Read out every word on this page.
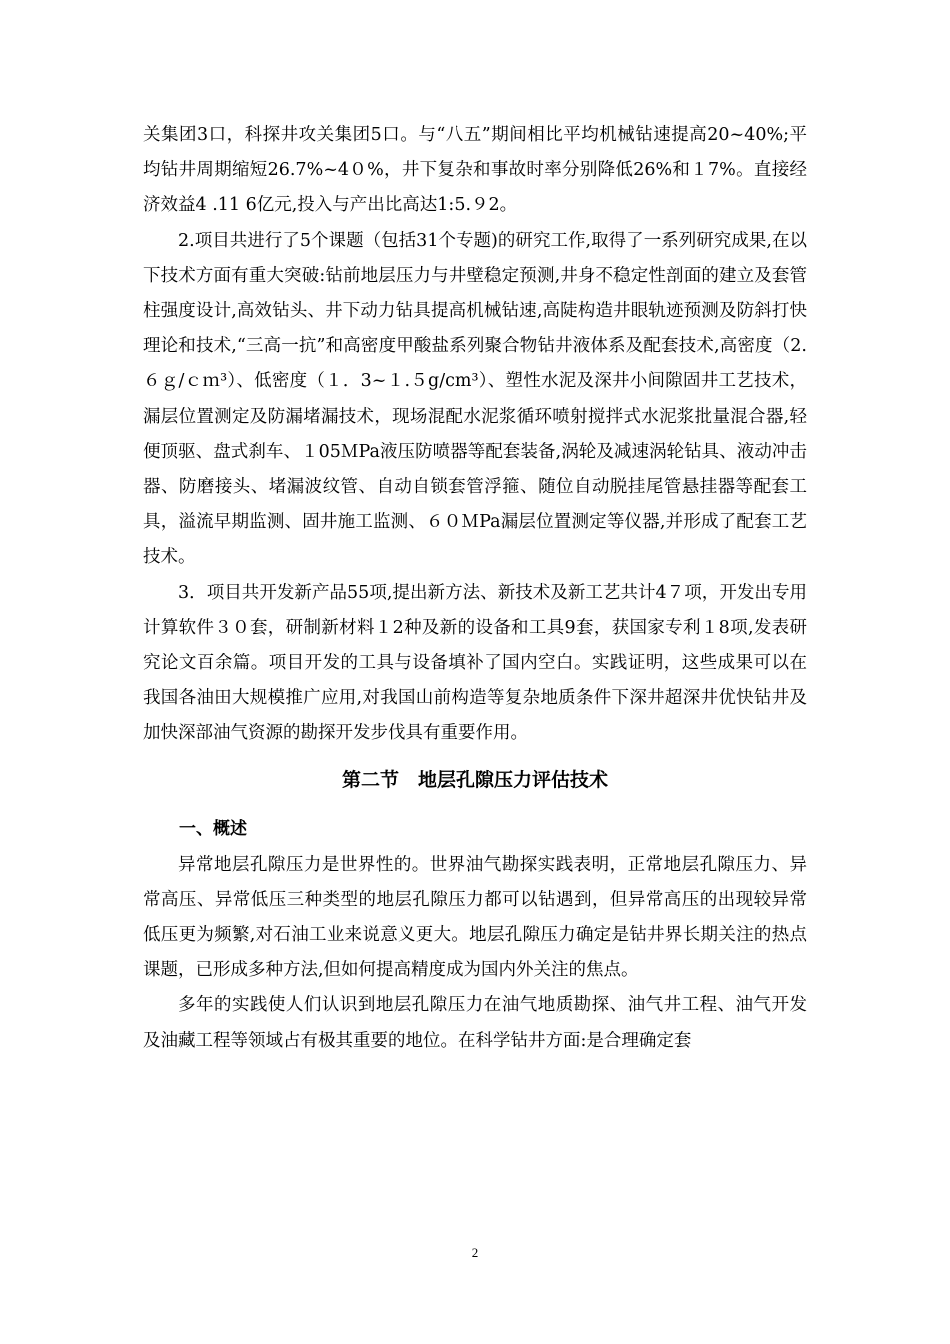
关集团3口，科探井攻关集团5口。与“八五”期间相比平均机械钻速提高20~40%;平均钻井周期缩短26.7%~4０%，井下复杂和事故时率分别降低26%和１7%。直接经济效益4 .11 6亿元,投入与产出比高达1:5.９2。

2.项目共进行了5个课题（包括31个专题)的研究工作,取得了一系列研究成果,在以下技术方面有重大突破:钻前地层压力与井壁稳定预测,井身不稳定性剖面的建立及套管柱强度设计,高效钻头、井下动力钻具提高机械钻速,高陡构造井眼轨迹预测及防斜打快理论和技术,“三高一抗”和高密度甲酸盐系列聚合物钻井液体系及配套技术,高密度（2.６ｇ/ｃｍ³）、低密度（１．3~１.５g/cm³）、塑性水泥及深井小间隙固井工艺技术，漏层位置测定及防漏堵漏技术，现场混配水泥浆循环喷射搅拌式水泥浆批量混合器,轻便顶驱、盘式刹车、１05ＭPa液压防喷器等配套装备,涡轮及减速涡轮钻具、液动冲击器、防磨接头、堵漏波纹管、自动自锁套管浮箍、随位自动脱挂尾管悬挂器等配套工具，溢流早期监测、固井施工监测、６０ＭPa漏层位置测定等仪器,并形成了配套工艺技术。

3．项目共开发新产品55项,提出新方法、新技术及新工艺共计4７项，开发出专用计算软件３０套，研制新材料１2种及新的设备和工具9套，获国家专利１8项,发表研究论文百余篇。项目开发的工具与设备填补了国内空白。实践证明，这些成果可以在我国各油田大规模推广应用,对我国山前构造等复杂地质条件下深井超深井优快钻井及加快深部油气资源的勘探开发步伐具有重要作用。

第二节　地层孔隙压力评估技术
一、概述

异常地层孔隙压力是世界性的。世界油气勘探实践表明，正常地层孔隙压力、异常高压、异常低压三种类型的地层孔隙压力都可以钻遇到，但异常高压的出现较异常低压更为频繁,对石油工业来说意义更大。地层孔隙压力确定是钻井界长期关注的热点课题，已形成多种方法,但如何提高精度成为国内外关注的焦点。

多年的实践使人们认识到地层孔隙压力在油气地质勘探、油气井工程、油气开发及油藏工程等领域占有极其重要的地位。在科学钻井方面:是合理确定套

2
